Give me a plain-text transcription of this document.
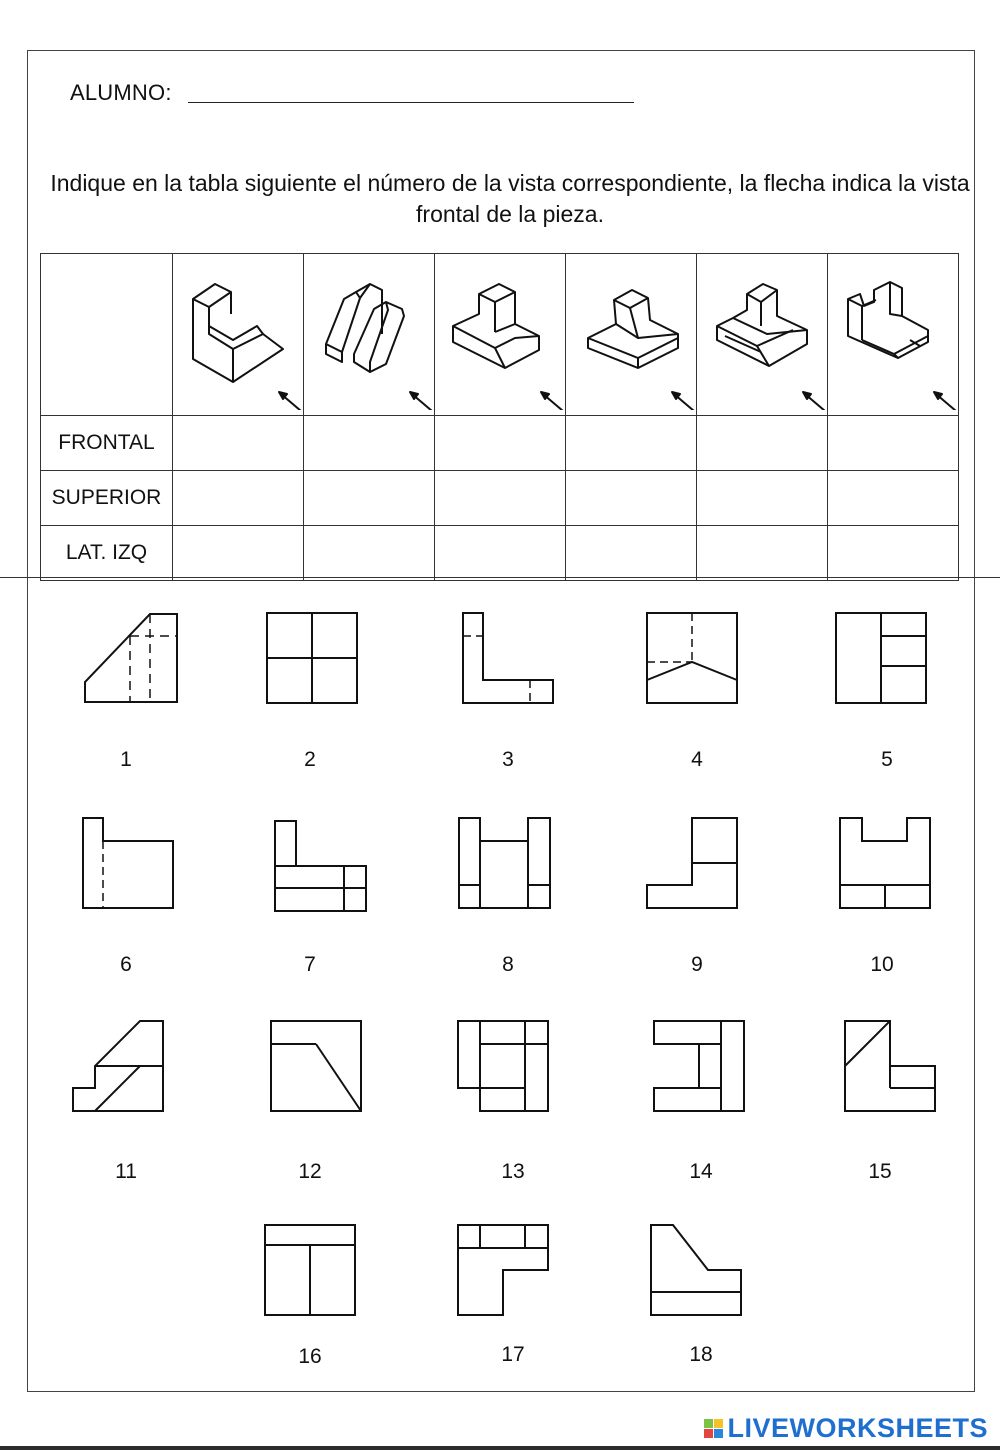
ALUMNO:
Indique en la tabla siguiente el número de la vista correspondiente, la flecha indica la vista frontal de la pieza.

FRONTAL						
SUPERIOR						
LAT. IZQ						
1	2	3	4	5
6	7	8	9	10
11	12	13	14	15
16	17	18
LIVEWORKSHEETS
